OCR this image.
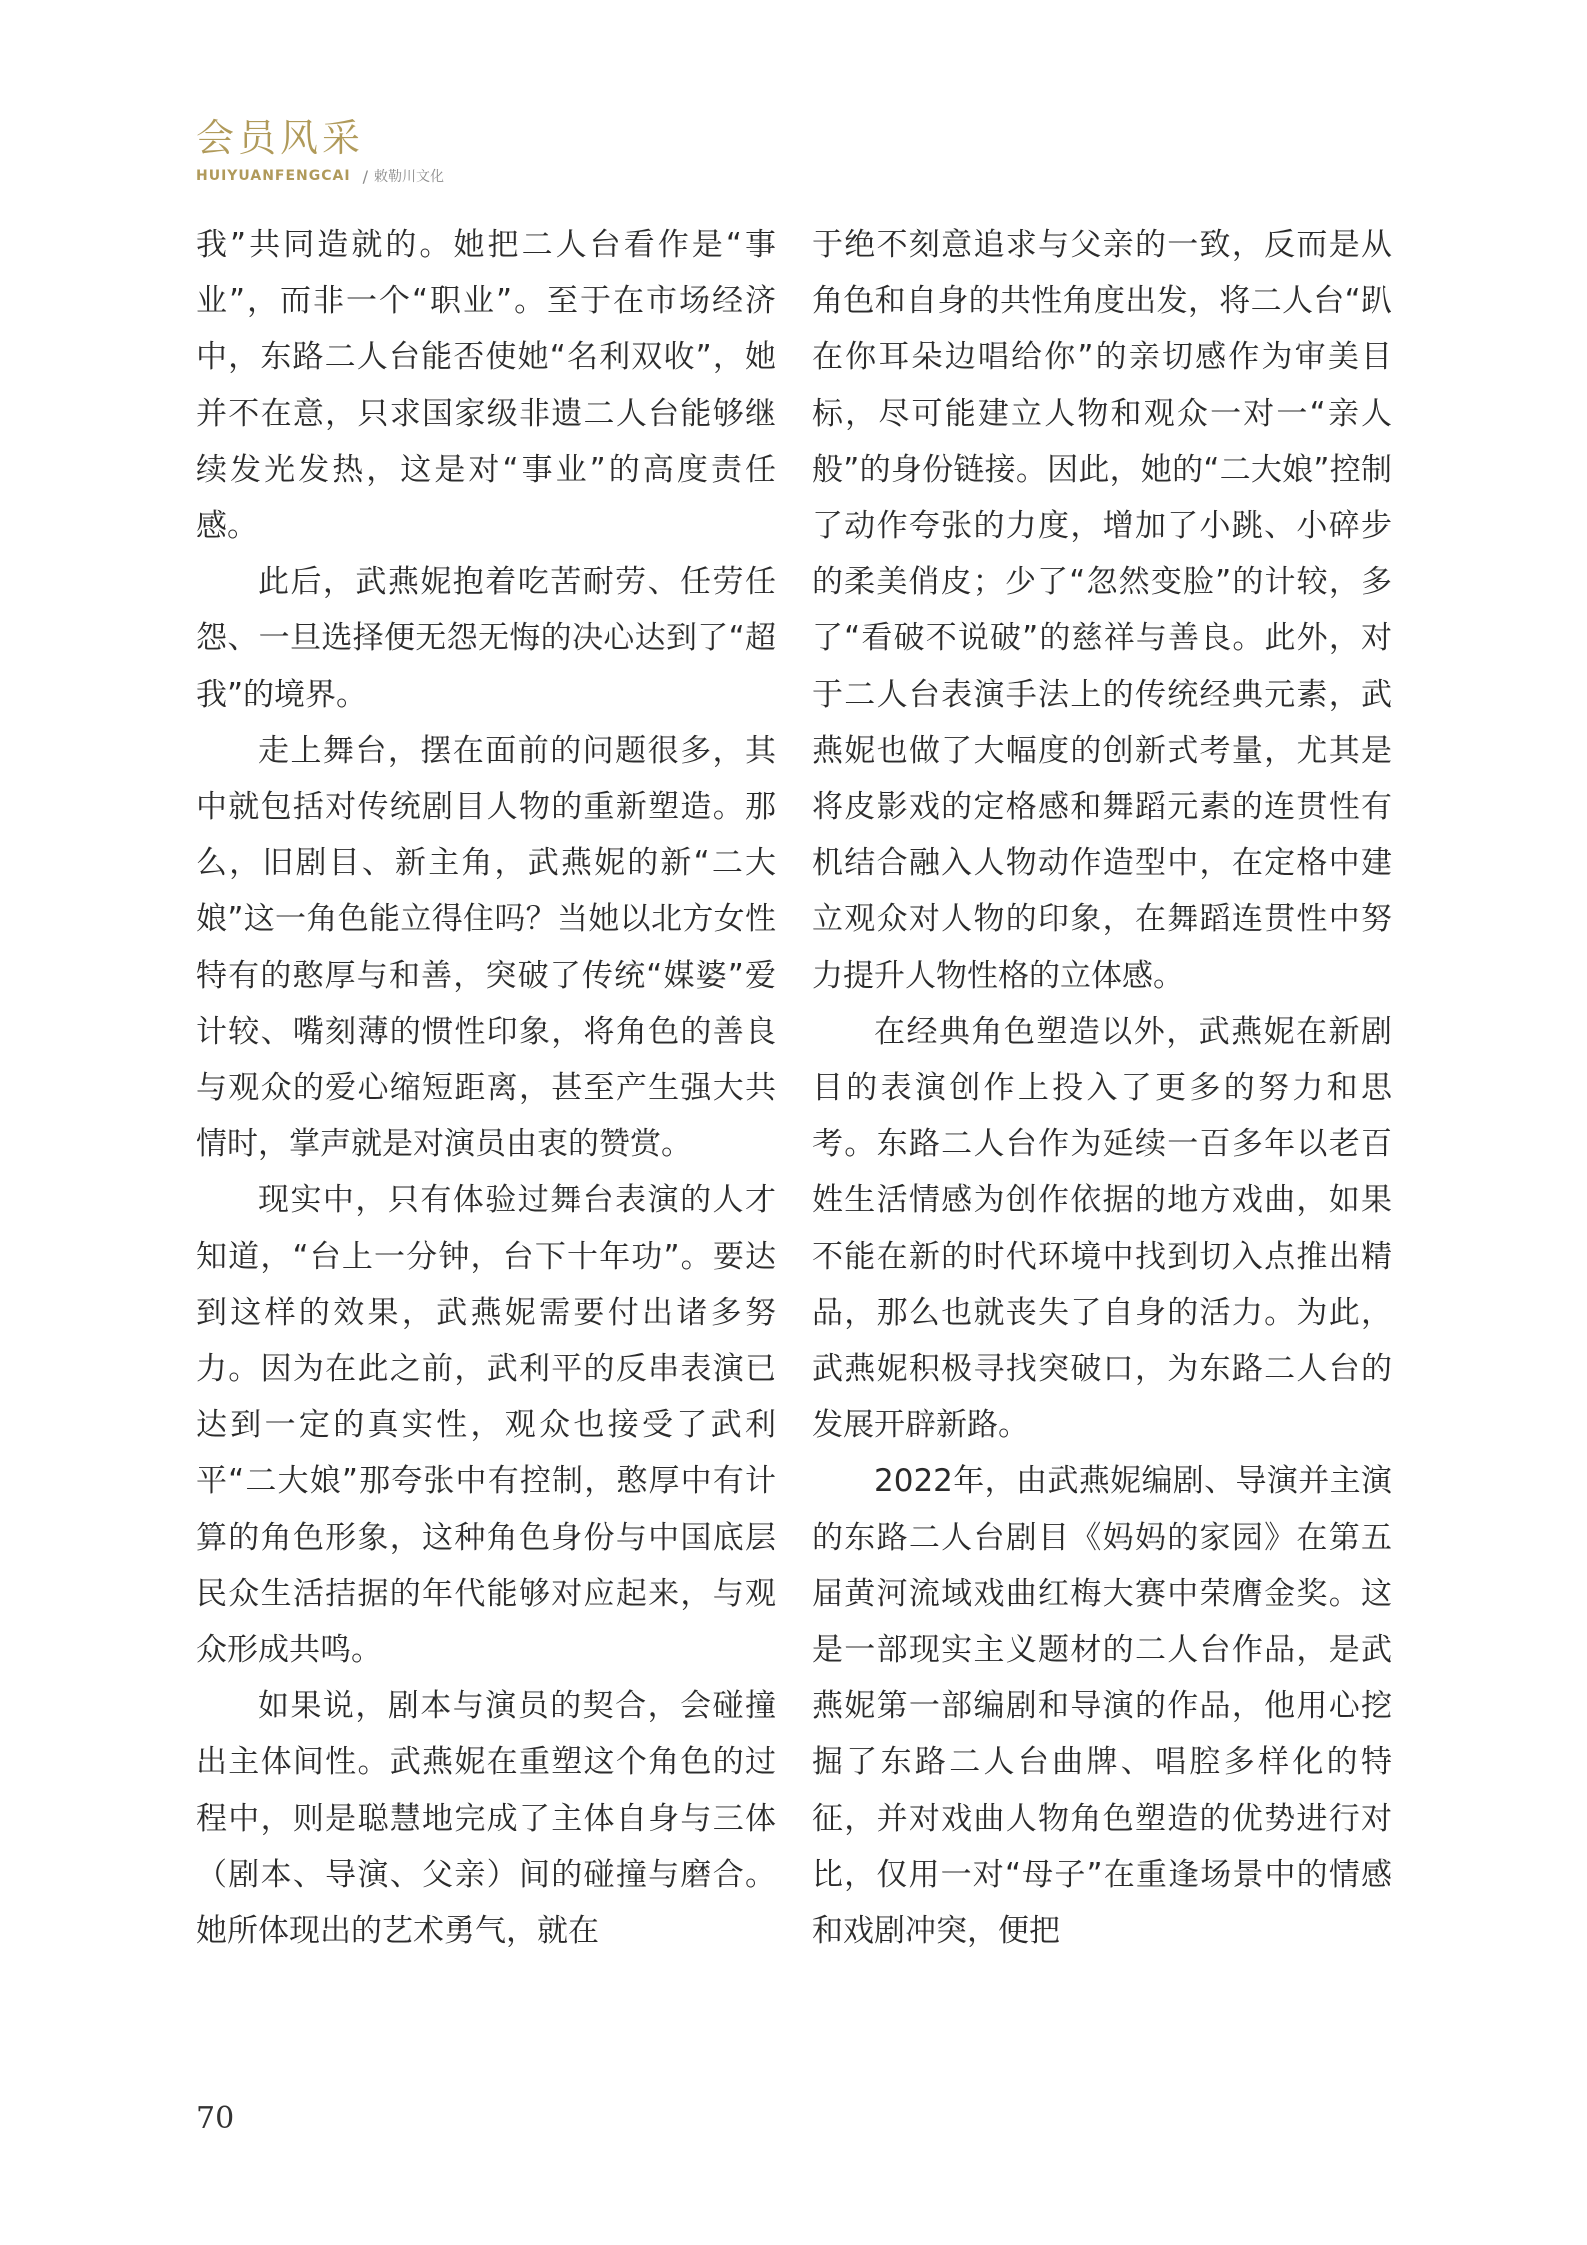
会员风采
HUIYUANFENGCAI / 敕勒川文化

我”共同造就的。她把二人台看作是“事业”，而非一个“职业”。至于在市场经济中，东路二人台能否使她“名利双收”，她并不在意，只求国家级非遗二人台能够继续发光发热，这是对“事业”的高度责任感。

此后，武燕妮抱着吃苦耐劳、任劳任怨、一旦选择便无怨无悔的决心达到了“超我”的境界。

走上舞台，摆在面前的问题很多，其中就包括对传统剧目人物的重新塑造。那么，旧剧目、新主角，武燕妮的新“二大娘”这一角色能立得住吗？当她以北方女性特有的憨厚与和善，突破了传统“媒婆”爱计较、嘴刻薄的惯性印象，将角色的善良与观众的爱心缩短距离，甚至产生强大共情时，掌声就是对演员由衷的赞赏。

现实中，只有体验过舞台表演的人才知道，“台上一分钟，台下十年功”。要达到这样的效果，武燕妮需要付出诸多努力。因为在此之前，武利平的反串表演已达到一定的真实性，观众也接受了武利平“二大娘”那夸张中有控制，憨厚中有计算的角色形象，这种角色身份与中国底层民众生活拮据的年代能够对应起来，与观众形成共鸣。

如果说，剧本与演员的契合，会碰撞出主体间性。武燕妮在重塑这个角色的过程中，则是聪慧地完成了主体自身与三体（剧本、导演、父亲）间的碰撞与磨合。她所体现出的艺术勇气，就在

于绝不刻意追求与父亲的一致，反而是从角色和自身的共性角度出发，将二人台“趴在你耳朵边唱给你”的亲切感作为审美目标，尽可能建立人物和观众一对一“亲人般”的身份链接。因此，她的“二大娘”控制了动作夸张的力度，增加了小跳、小碎步的柔美俏皮；少了“忽然变脸”的计较，多了“看破不说破”的慈祥与善良。此外，对于二人台表演手法上的传统经典元素，武燕妮也做了大幅度的创新式考量，尤其是将皮影戏的定格感和舞蹈元素的连贯性有机结合融入人物动作造型中，在定格中建立观众对人物的印象，在舞蹈连贯性中努力提升人物性格的立体感。

在经典角色塑造以外，武燕妮在新剧目的表演创作上投入了更多的努力和思考。东路二人台作为延续一百多年以老百姓生活情感为创作依据的地方戏曲，如果不能在新的时代环境中找到切入点推出精品，那么也就丧失了自身的活力。为此，武燕妮积极寻找突破口，为东路二人台的发展开辟新路。

2022年，由武燕妮编剧、导演并主演的东路二人台剧目《妈妈的家园》在第五届黄河流域戏曲红梅大赛中荣膺金奖。这是一部现实主义题材的二人台作品，是武燕妮第一部编剧和导演的作品，他用心挖掘了东路二人台曲牌、唱腔多样化的特征，并对戏曲人物角色塑造的优势进行对比，仅用一对“母子”在重逢场景中的情感和戏剧冲突，便把

70
